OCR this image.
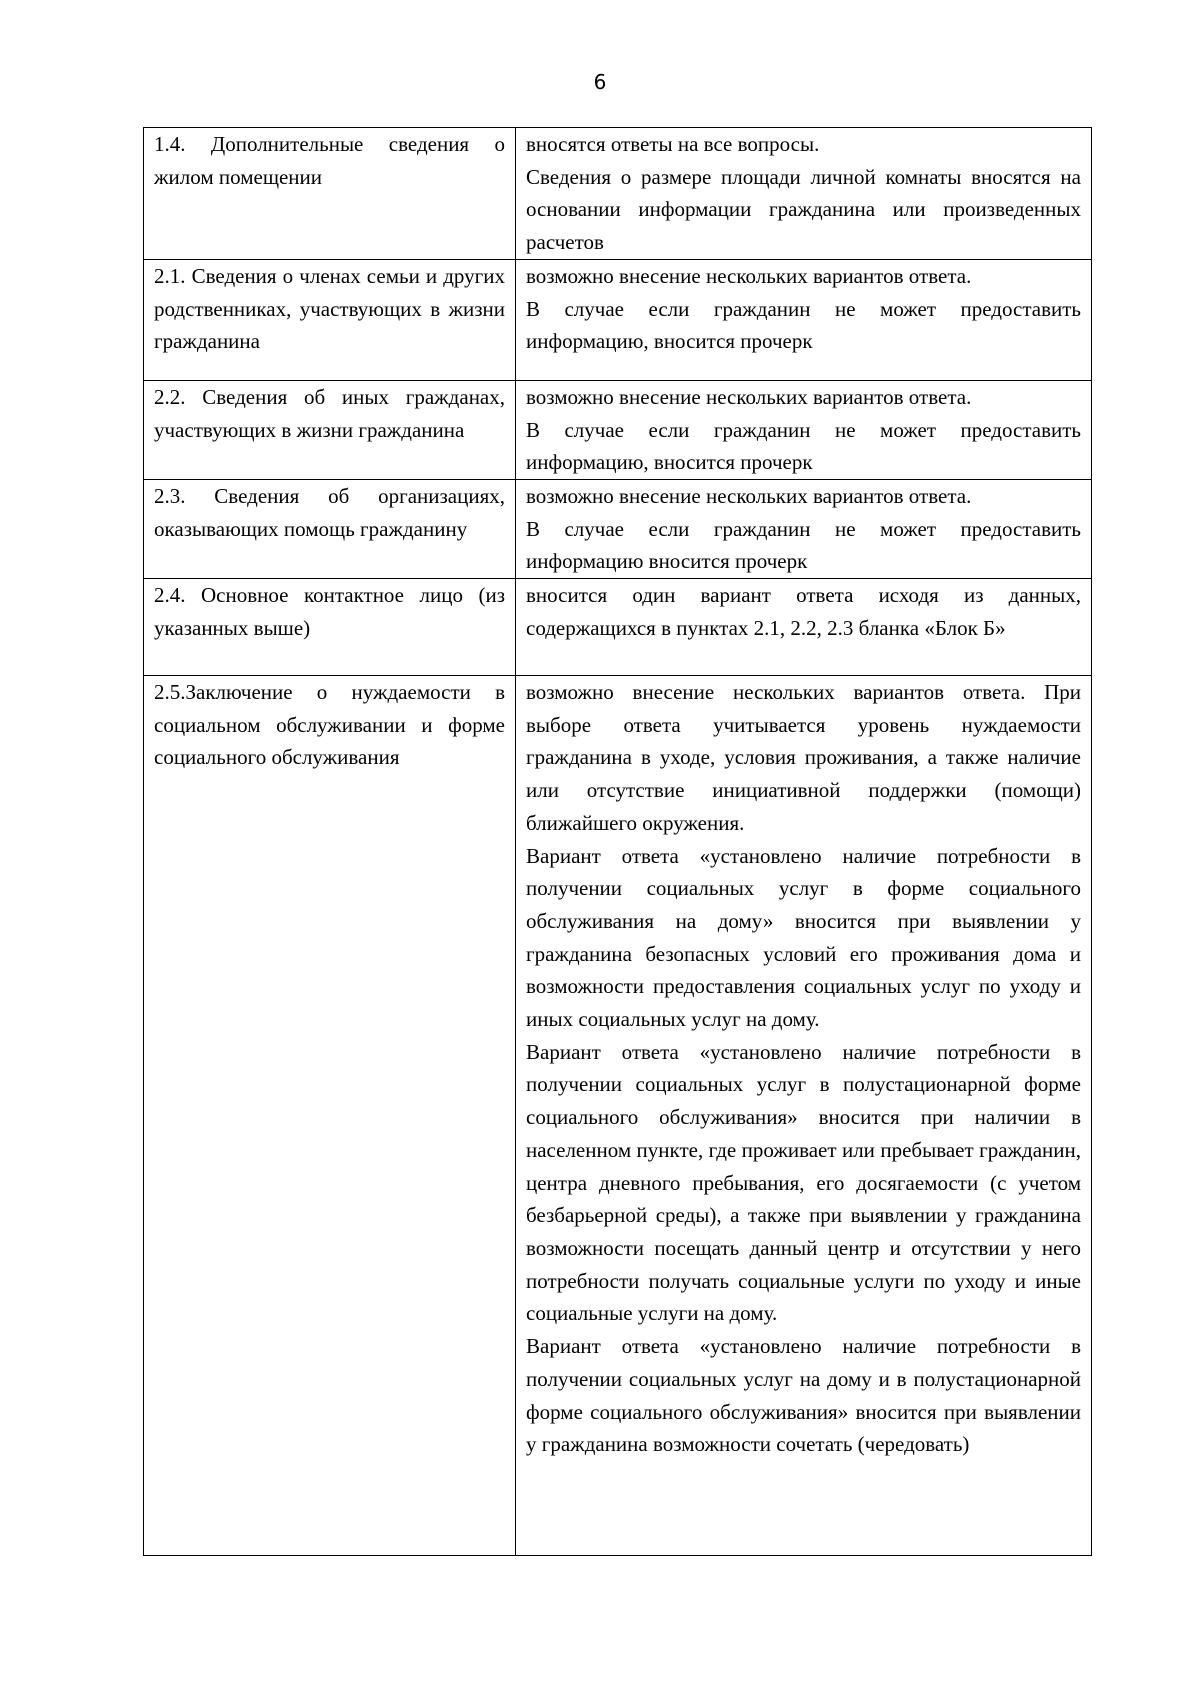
6

1.4. Дополнительные сведения о жилом помещении	вносятся ответы на все вопросы.

Сведения о размере площади личной комнаты вносятся на основании информации гражданина или произведенных расчетов

2.1. Сведения о членах семьи и других родственниках, участвующих в жизни гражданина	возможно внесение нескольких вариантов ответа.

В случае если гражданин не может предоставить информацию, вносится прочерк

2.2. Сведения об иных гражданах, участвующих в жизни гражданина	возможно внесение нескольких вариантов ответа.

В случае если гражданин не может предоставить информацию, вносится прочерк

2.3. Сведения об организациях, оказывающих помощь гражданину	возможно внесение нескольких вариантов ответа.

В случае если гражданин не может предоставить информацию вносится прочерк

2.4. Основное контактное лицо (из указанных выше)	вносится один вариант ответа исходя из данных, содержащихся в пунктах 2.1, 2.2, 2.3 бланка «Блок Б»

2.5.Заключение о нуждаемости в социальном обслуживании и форме социального обслуживания	возможно внесение нескольких вариантов ответа. При выборе ответа учитывается уровень нуждаемости гражданина в уходе, условия проживания, а также наличие или отсутствие инициативной поддержки (помощи) ближайшего окружения.

Вариант ответа «установлено наличие потребности в получении социальных услуг в форме социального обслуживания на дому» вносится при выявлении у гражданина безопасных условий его проживания дома и возможности предоставления социальных услуг по уходу и иных социальных услуг на дому.

Вариант ответа «установлено наличие потребности в получении социальных услуг в полустационарной форме социального обслуживания» вносится при наличии в населенном пункте, где проживает или пребывает гражданин, центра дневного пребывания, его досягаемости (с учетом безбарьерной среды), а также при выявлении у гражданина возможности посещать данный центр и отсутствии у него потребности получать социальные услуги по уходу и иные социальные услуги на дому.

Вариант ответа «установлено наличие потребности в получении социальных услуг на дому и в полустационарной форме социального обслуживания» вносится при выявлении у гражданина возможности сочетать (чередовать)
